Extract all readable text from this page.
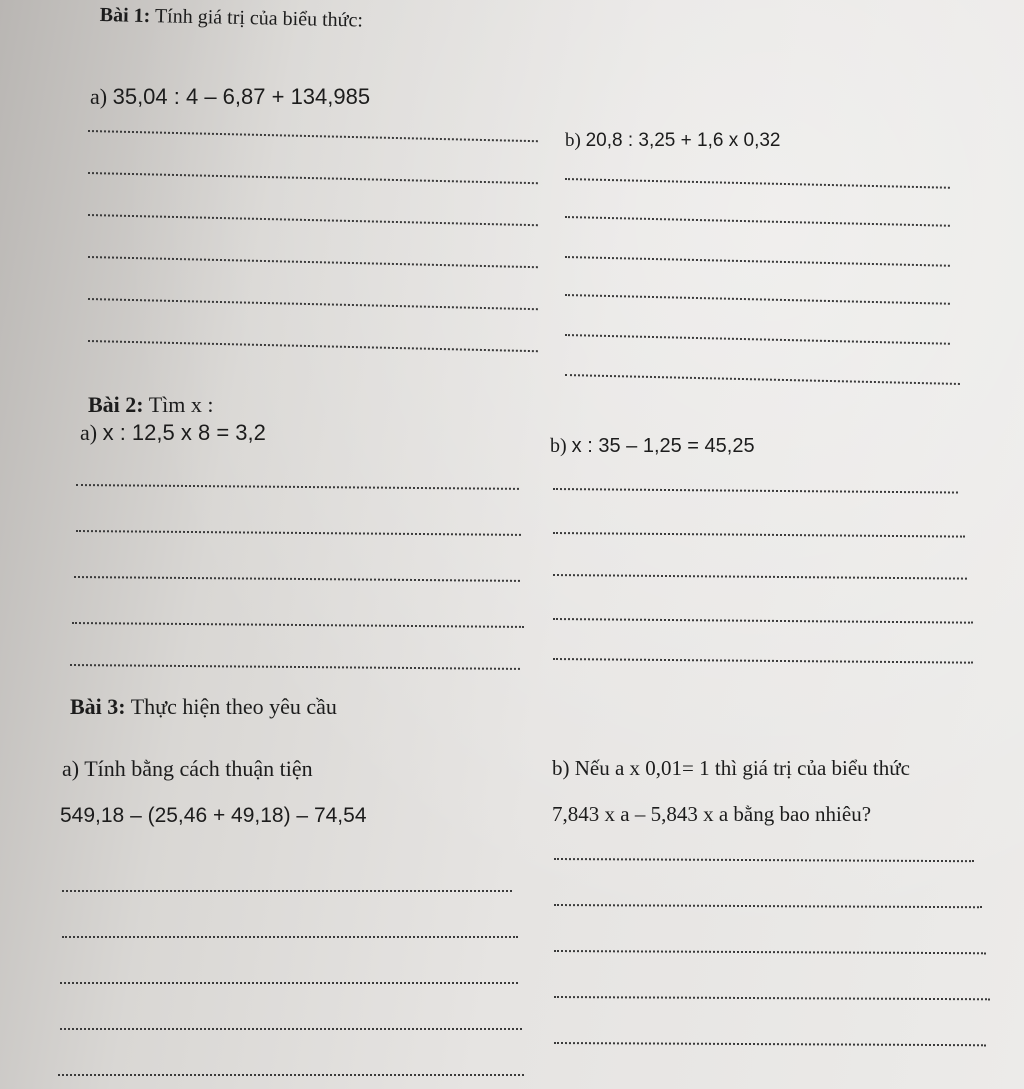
Bài 1: Tính giá trị của biểu thức:
a) 35,04 : 4 – 6,87 + 134,985
b) 20,8 : 3,25 + 1,6 x 0,32
Bài 2: Tìm x :
a) x : 12,5 x 8 = 3,2
b) x : 35 – 1,25 = 45,25
Bài 3: Thực hiện theo yêu cầu
a) Tính bằng cách thuận tiện
549,18 – (25,46 + 49,18) – 74,54
b) Nếu a x 0,01= 1 thì giá trị của biểu thức
7,843 x a – 5,843 x a bằng bao nhiêu?
